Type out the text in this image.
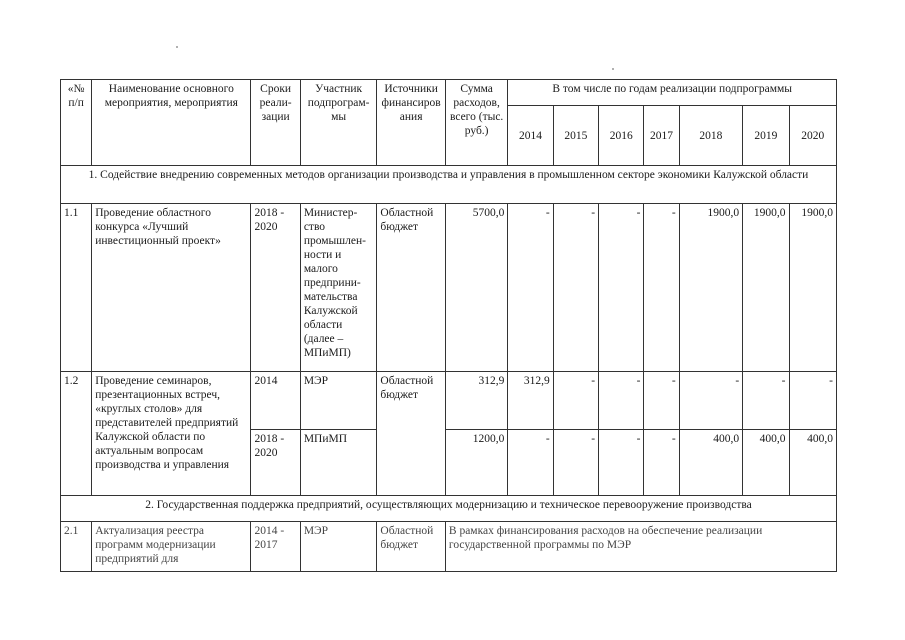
«№ п/п	Наименование основного мероприятия, мероприятия	Сроки реали-зации	Участник подпрограм-мы	Источники финансиров ания	Сумма расходов, всего (тыс. руб.)	В том числе по годам реализации подпрограммы						
						2014	2015	2016	2017	2018	2019	2020
1. Содействие внедрению современных методов организации производства и управления в промышленном секторе экономики Калужской области												
1.1	Проведение областного конкурса «Лучший инвестиционный проект»	2018 - 2020	Министер-ство промышлен-ности и малого предприни-мательства Калужской области (далее – МПиМП)	Областной бюджет	5700,0	-	-	-	-	1900,0	1900,0	1900,0
1.2	Проведение семинаров, презентационных встреч, «круглых столов» для представителей предприятий Калужской области по актуальным вопросам производства и управления	2014	МЭР	Областной бюджет	312,9	312,9	-	-	-	-	-	-
		2018 - 2020	МПиМП		1200,0	-	-	-	-	400,0	400,0	400,0
2. Государственная поддержка предприятий, осуществляющих модернизацию и техническое перевооружение производства												
2.1	Актуализация реестра программ модернизации предприятий для	2014 - 2017	МЭР	Областной бюджет	В рамках финансирования расходов на обеспечение реализации государственной программы по МЭР							
